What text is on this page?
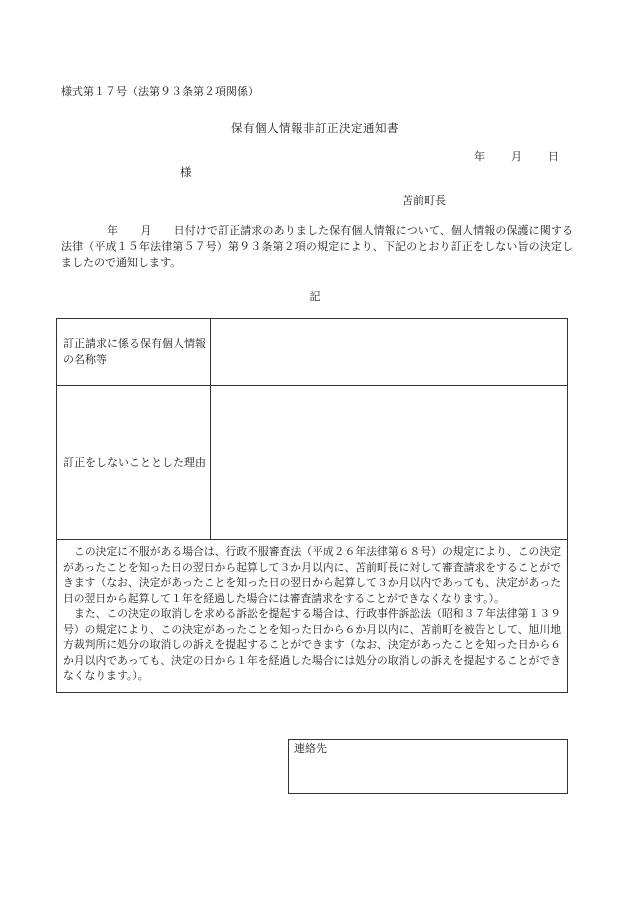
様式第１７号（法第９３条第２項関係）
保有個人情報非訂正決定通知書
年 月 日
様
苫前町長
年　　月　　日付けで訂正請求のありました保有個人情報について、個人情報の保護に関する法律（平成１５年法律第５７号）第９３条第２項の規定により、下記のとおり訂正をしない旨の決定しましたので通知します。
記
訂正請求に係る保有個人情報の名称等	
訂正をしないこととした理由	

この決定に不服がある場合は、行政不服審査法（平成２６年法律第６８号）の規定により、この決定があったことを知った日の翌日から起算して３か月以内に、苫前町長に対して審査請求をすることができます（なお、決定があったことを知った日の翌日から起算して３か月以内であっても、決定があった日の翌日から起算して１年を経過した場合には審査請求をすることができなくなります。）。

また、この決定の取消しを求める訴訟を提起する場合は、行政事件訴訟法（昭和３７年法律第１３９号）の規定により、この決定があったことを知った日から６か月以内に、苫前町を被告として、旭川地方裁判所に処分の取消しの訴えを提起することができます（なお、決定があったことを知った日から６か月以内であっても、決定の日から１年を経過した場合には処分の取消しの訴えを提起することができなくなります。）。	

連絡先
